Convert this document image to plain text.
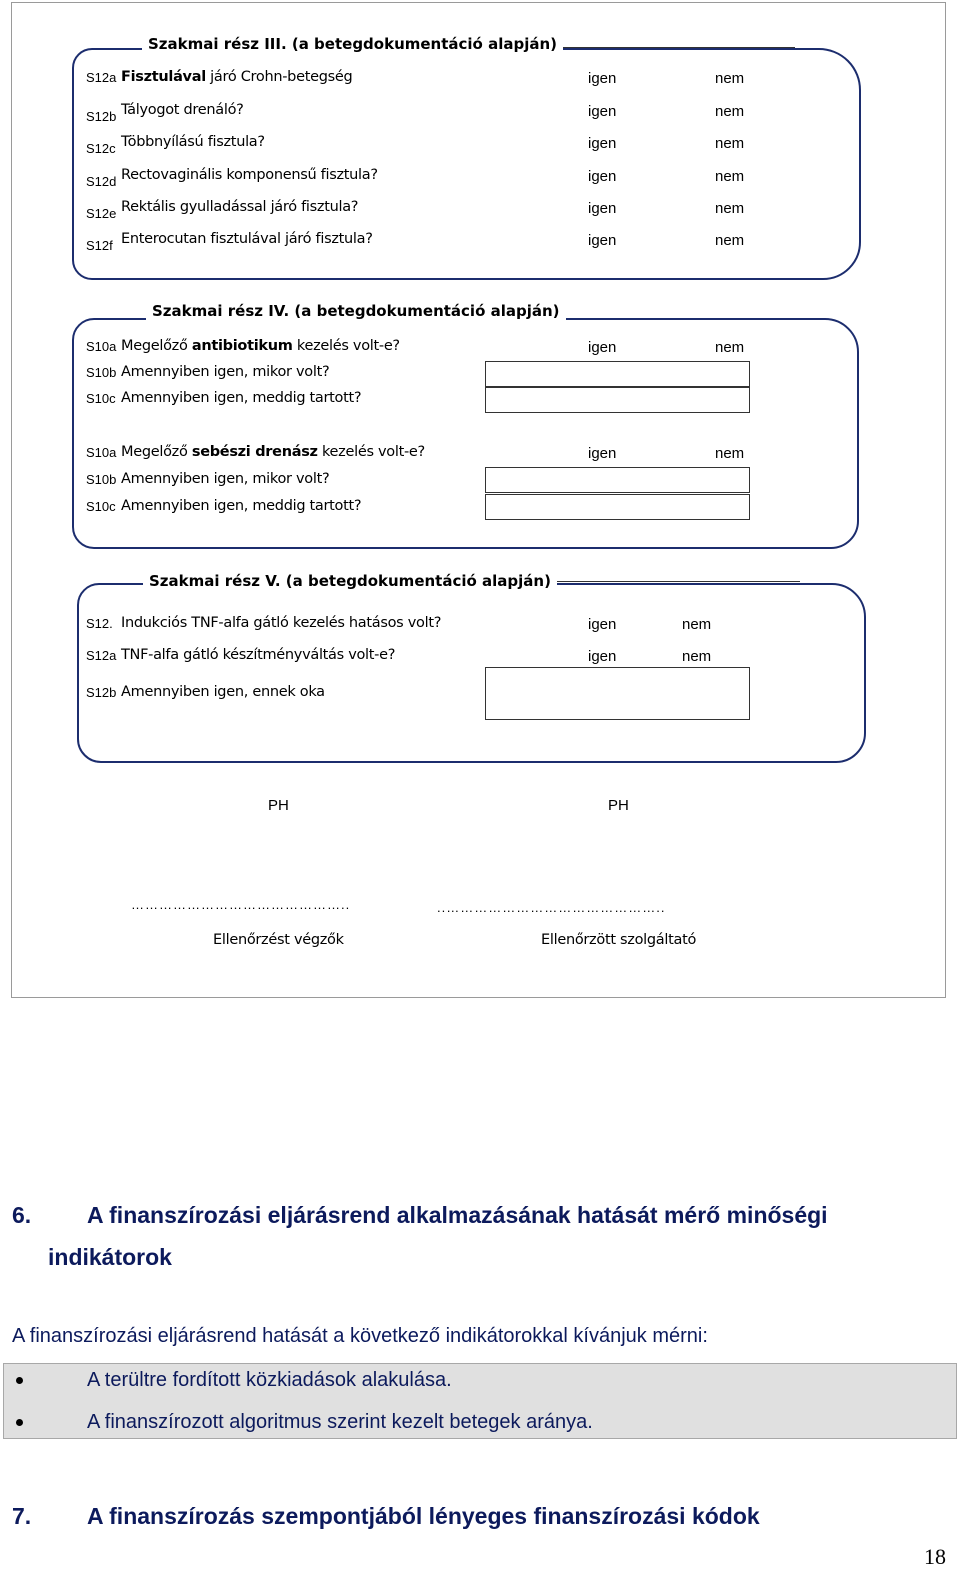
Szakmai rész III. (a betegdokumentáció alapján)
S12a Fisztulával járó Crohn-betegség	igen	nem
S12b Tályogot drenáló?	igen	nem
S12c Többnyílású fisztula?	igen	nem
S12d Rectovaginális komponensű fisztula?	igen	nem
S12e Rektális gyulladással járó fisztula?	igen	nem
S12f Enterocutan fisztulával járó fisztula?	igen	nem
Szakmai rész IV. (a betegdokumentáció alapján)
S10a Megelőző antibiotikum kezelés volt-e?	igen	nem
S10b Amennyiben igen, mikor volt?
S10c Amennyiben igen, meddig tartott?
S10a Megelőző sebészi drenász kezelés volt-e?	igen	nem
S10b Amennyiben igen, mikor volt?
S10c Amennyiben igen, meddig tartott?
Szakmai rész V. (a betegdokumentáció alapján)
S12. Indukciós TNF-alfa gátló kezelés hatásos volt?	igen	nem
S12a TNF-alfa gátló készítményváltás volt-e?	igen	nem
S12b Amennyiben igen, ennek oka
PH	PH
………………………………………..	..………………………………………..
Ellenőrzést végzők	Ellenőrzött szolgáltató
6. A finanszírozási eljárásrend alkalmazásának hatását mérő minőségi
indikátorok
A finanszírozási eljárásrend hatását a következő indikátorokkal kívánjuk mérni:
A terültre fordított közkiadások alakulása.
A finanszírozott algoritmus szerint kezelt betegek aránya.
7. A finanszírozás szempontjából lényeges finanszírozási kódok
18
